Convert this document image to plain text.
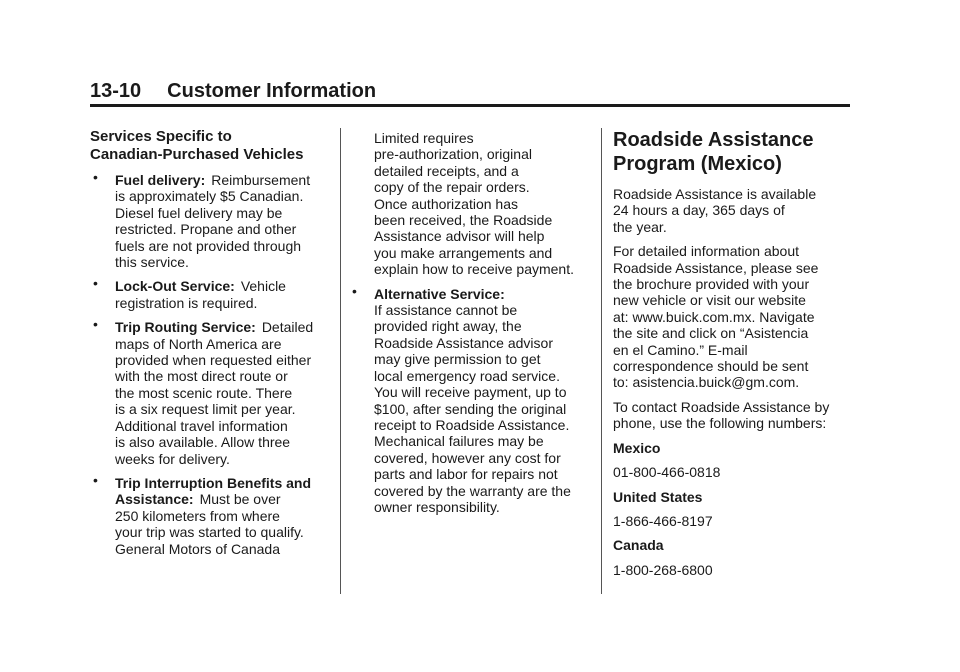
13-10 Customer Information
Services Specific to
Canadian-Purchased Vehicles
• Fuel delivery: Reimbursement
is approximately $5 Canadian.
Diesel fuel delivery may be
restricted. Propane and other
fuels are not provided through
this service.
• Lock-Out Service: Vehicle
registration is required.
• Trip Routing Service: Detailed
maps of North America are
provided when requested either
with the most direct route or
the most scenic route. There
is a six request limit per year.
Additional travel information
is also available. Allow three
weeks for delivery.
• Trip Interruption Benefits and
Assistance: Must be over
250 kilometers from where
your trip was started to qualify.
General Motors of Canada
Limited requires
pre-authorization, original
detailed receipts, and a
copy of the repair orders.
Once authorization has
been received, the Roadside
Assistance advisor will help
you make arrangements and
explain how to receive payment.
• Alternative Service:
If assistance cannot be
provided right away, the
Roadside Assistance advisor
may give permission to get
local emergency road service.
You will receive payment, up to
$100, after sending the original
receipt to Roadside Assistance.
Mechanical failures may be
covered, however any cost for
parts and labor for repairs not
covered by the warranty are the
owner responsibility.
Roadside Assistance
Program (Mexico)
Roadside Assistance is available
24 hours a day, 365 days of
the year.
For detailed information about
Roadside Assistance, please see
the brochure provided with your
new vehicle or visit our website
at: www.buick.com.mx. Navigate
the site and click on “Asistencia
en el Camino.” E-mail
correspondence should be sent
to: asistencia.buick@gm.com.
To contact Roadside Assistance by
phone, use the following numbers:
Mexico
01-800-466-0818
United States
1-866-466-8197
Canada
1-800-268-6800
